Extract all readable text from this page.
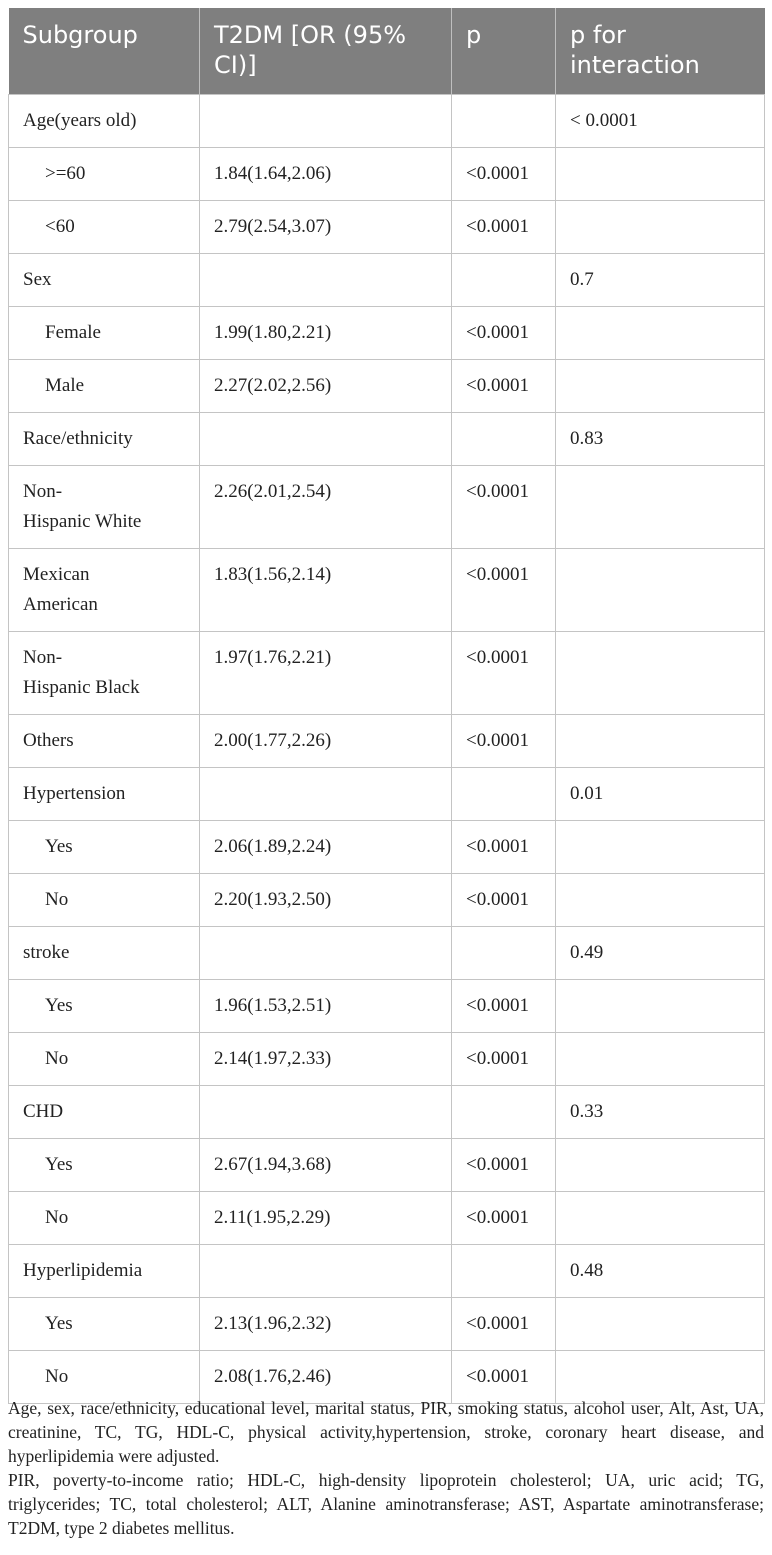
Subgroup	T2DM [OR (95% CI)]	p	p for interaction
Age(years old)			< 0.0001
>=60	1.84(1.64,2.06)	<0.0001	
<60	2.79(2.54,3.07)	<0.0001	
Sex			0.7
Female	1.99(1.80,2.21)	<0.0001	
Male	2.27(2.02,2.56)	<0.0001	
Race/ethnicity			0.83
Non-
Hispanic White	2.26(2.01,2.54)	<0.0001	
Mexican
American	1.83(1.56,2.14)	<0.0001	
Non-
Hispanic Black	1.97(1.76,2.21)	<0.0001	
Others	2.00(1.77,2.26)	<0.0001	
Hypertension			0.01
Yes	2.06(1.89,2.24)	<0.0001	
No	2.20(1.93,2.50)	<0.0001	
stroke			0.49
Yes	1.96(1.53,2.51)	<0.0001	
No	2.14(1.97,2.33)	<0.0001	
CHD			0.33
Yes	2.67(1.94,3.68)	<0.0001	
No	2.11(1.95,2.29)	<0.0001	
Hyperlipidemia			0.48
Yes	2.13(1.96,2.32)	<0.0001	
No	2.08(1.76,2.46)	<0.0001	

Age, sex, race/ethnicity, educational level, marital status, PIR, smoking status, alcohol user, Alt, Ast, UA, creatinine, TC, TG, HDL-C, physical activity,hypertension, stroke, coronary heart disease, and hyperlipidemia were adjusted.

PIR, poverty-to-income ratio; HDL-C, high-density lipoprotein cholesterol; UA, uric acid; TG, triglycerides; TC, total cholesterol; ALT, Alanine aminotransferase; AST, Aspartate aminotransferase; T2DM, type 2 diabetes mellitus.
